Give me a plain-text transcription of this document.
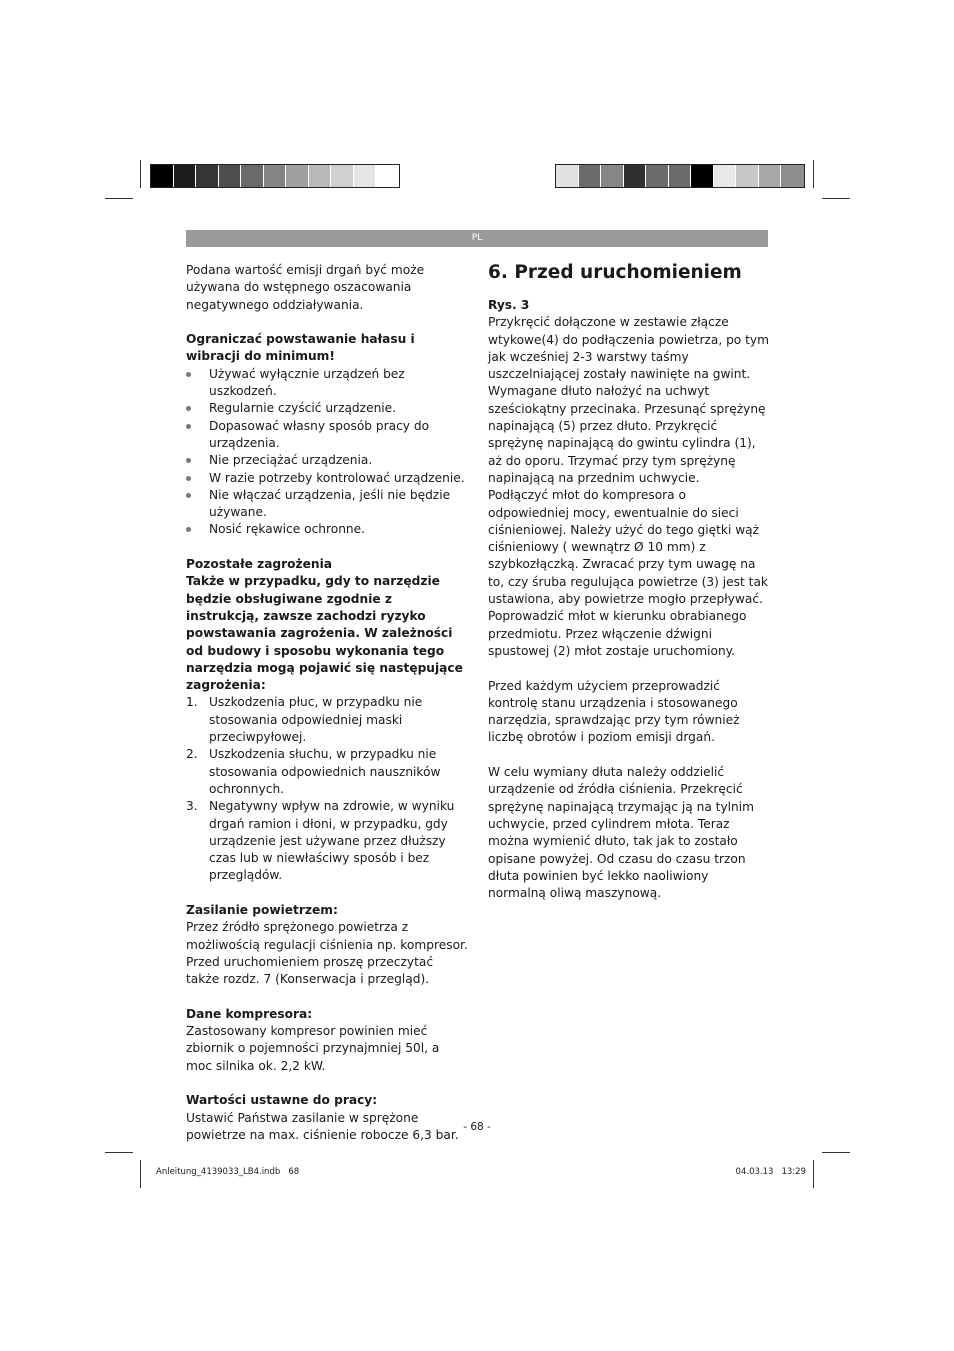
PL

Podana wartość emisji drgań być może używana do wstępnego oszacowania negatywnego oddziaływania.

Ograniczać powstawanie hałasu i wibracji do minimum!

Używać wyłącznie urządzeń bez uszkodzeń.
Regularnie czyścić urządzenie.
Dopasować własny sposób pracy do urządzenia.
Nie przeciążać urządzenia.
W razie potrzeby kontrolować urządzenie.
Nie włączać urządzenia, jeśli nie będzie używane.
Nosić rękawice ochronne.

Pozostałe zagrożenia

Także w przypadku, gdy to narzędzie będzie obsługiwane zgodnie z instrukcją, zawsze zachodzi ryzyko powstawania zagrożenia. W zależności od budowy i sposobu wykonania tego narzędzia mogą pojawić się następujące zagrożenia:

1. Uszkodzenia płuc, w przypadku nie stosowania odpowiedniej maski przeciwpyłowej.
2. Uszkodzenia słuchu, w przypadku nie stosowania odpowiednich nauszników ochronnych.
3. Negatywny wpływ na zdrowie, w wyniku drgań ramion i dłoni, w przypadku, gdy urządzenie jest używane przez dłuższy czas lub w niewłaściwy sposób i bez przeglądów.

Zasilanie powietrzem:

Przez źródło sprężonego powietrza z możliwością regulacji ciśnienia np. kompresor. Przed uruchomieniem proszę przeczytać także rozdz. 7 (Konserwacja i przegląd).

Dane kompresora:

Zastosowany kompresor powinien mieć zbiornik o pojemności przynajmniej 50l, a moc silnika ok. 2,2 kW.

Wartości ustawne do pracy:

Ustawić Państwa zasilanie w sprężone powietrze na max. ciśnienie robocze 6,3 bar.

6. Przed uruchomieniem

Rys. 3

Przykręcić dołączone w zestawie złącze wtykowe(4) do podłączenia powietrza, po tym jak wcześniej 2-3 warstwy taśmy uszczelniającej zostały nawinięte na gwint. Wymagane dłuto nałożyć na uchwyt sześciokątny przecinaka. Przesunąć sprężynę napinającą (5) przez dłuto. Przykręcić sprężynę napinającą do gwintu cylindra (1), aż do oporu. Trzymać przy tym sprężynę napinającą na przednim uchwycie.

Podłączyć młot do kompresora o odpowiedniej mocy, ewentualnie do sieci ciśnieniowej. Należy użyć do tego giętki wąż ciśnieniowy ( wewnątrz Ø 10 mm) z szybkozłączką. Zwracać przy tym uwagę na to, czy śruba regulująca powietrze (3) jest tak ustawiona, aby powietrze mogło przepływać. Poprowadzić młot w kierunku obrabianego przedmiotu. Przez włączenie dźwigni spustowej (2) młot zostaje uruchomiony.

Przed każdym użyciem przeprowadzić kontrolę stanu urządzenia i stosowanego narzędzia, sprawdzając przy tym również liczbę obrotów i poziom emisji drgań.

W celu wymiany dłuta należy oddzielić urządzenie od źródła ciśnienia. Przekręcić sprężynę napinającą trzymając ją na tylnim uchwycie, przed cylindrem młota. Teraz można wymienić dłuto, tak jak to zostało opisane powyżej. Od czasu do czasu trzon dłuta powinien być lekko naoliwiony normalną oliwą maszynową.

- 68 -
Anleitung_4139033_LB4.indb   68	04.03.13   13:29
